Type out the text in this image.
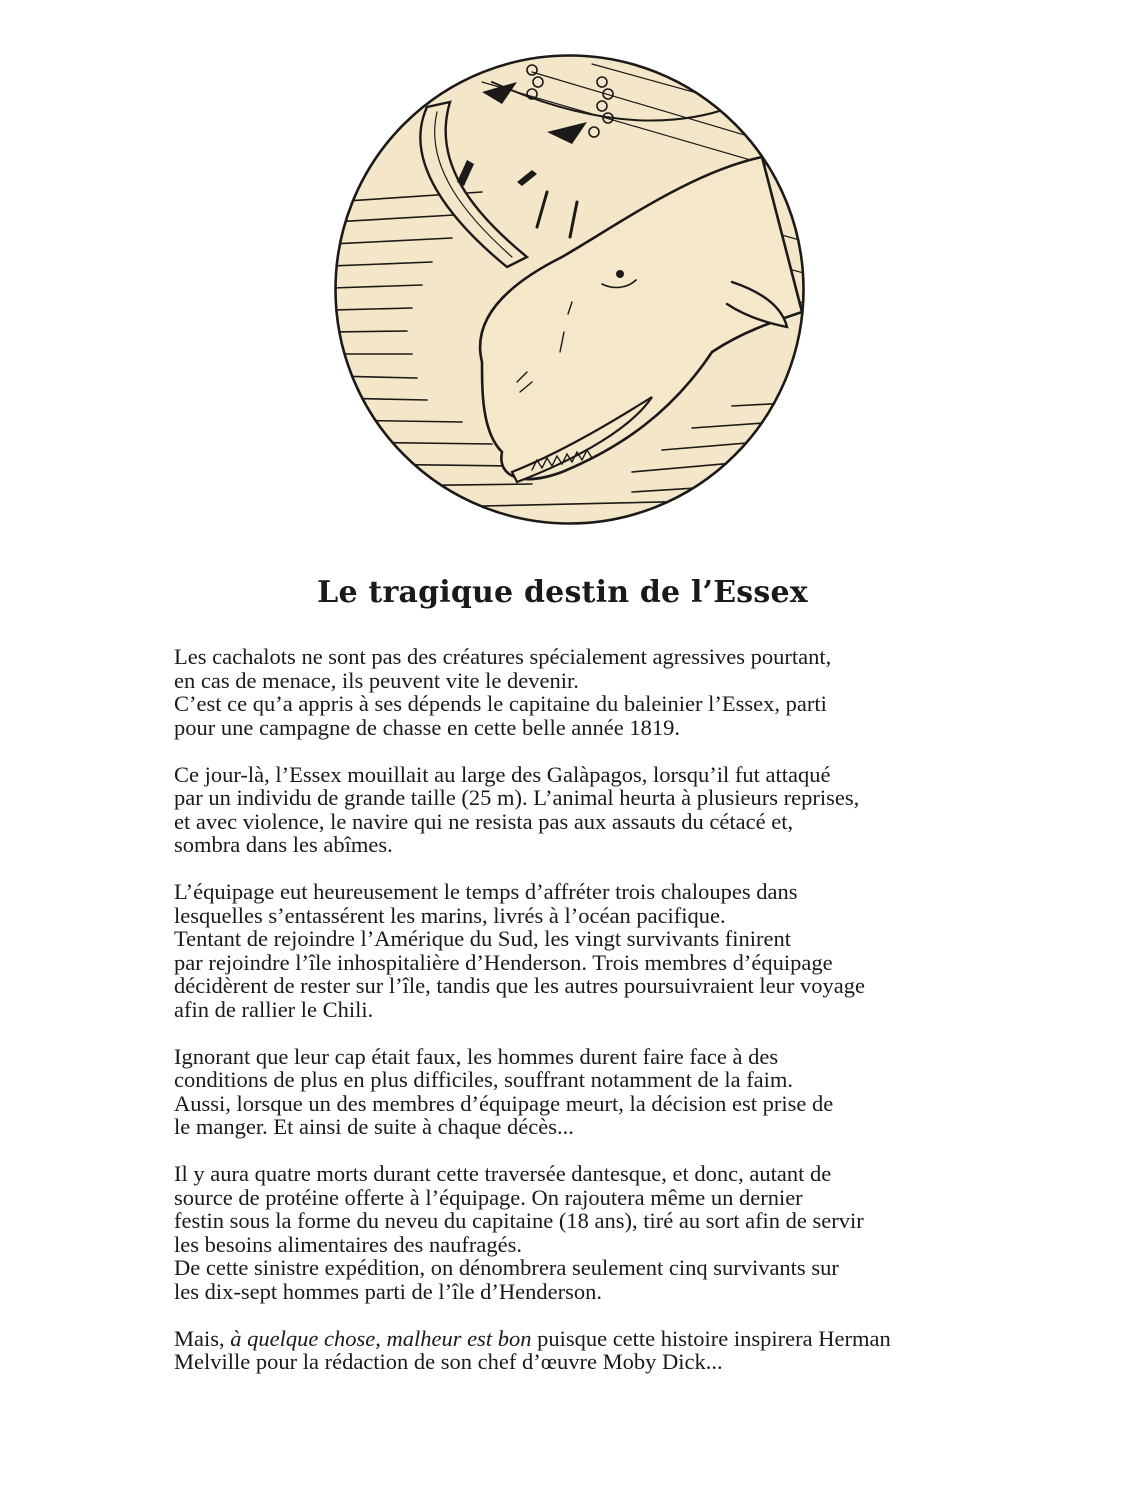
Le tragique destin de l’Essex

Les cachalots ne sont pas des créatures spécialement agressives pourtant,
en cas de menace, ils peuvent vite le devenir.
C’est ce qu’a appris à ses dépends le capitaine du baleinier l’Essex, parti
pour une campagne de chasse en cette belle année 1819.

Ce jour-là, l’Essex mouillait au large des Galàpagos, lorsqu’il fut attaqué
par un individu de grande taille (25 m). L’animal heurta à plusieurs reprises,
et avec violence, le navire qui ne resista pas aux assauts du cétacé et,
sombra dans les abîmes.

L’équipage eut heureusement le temps d’affréter trois chaloupes dans
lesquelles s’entassérent les marins, livrés à l’océan pacifique.
Tentant de rejoindre l’Amérique du Sud, les vingt survivants finirent
par rejoindre l’île inhospitalière d’Henderson. Trois membres d’équipage
décidèrent de rester sur l’île, tandis que les autres poursuivraient leur voyage
afin de rallier le Chili.

Ignorant que leur cap était faux, les hommes durent faire face à des
conditions de plus en plus difficiles, souffrant notamment de la faim.
Aussi, lorsque un des membres d’équipage meurt, la décision est prise de
le manger. Et ainsi de suite à chaque décès...

Il y aura quatre morts durant cette traversée dantesque, et donc, autant de
source de protéine offerte à l’équipage. On rajoutera même un dernier
festin sous la forme du neveu du capitaine (18 ans), tiré au sort afin de servir
les besoins alimentaires des naufragés.
De cette sinistre expédition, on dénombrera seulement cinq survivants sur
les dix-sept hommes parti de l’île d’Henderson.

Mais, à quelque chose, malheur est bon puisque cette histoire inspirera Herman
Melville pour la rédaction de son chef d’œuvre Moby Dick...
